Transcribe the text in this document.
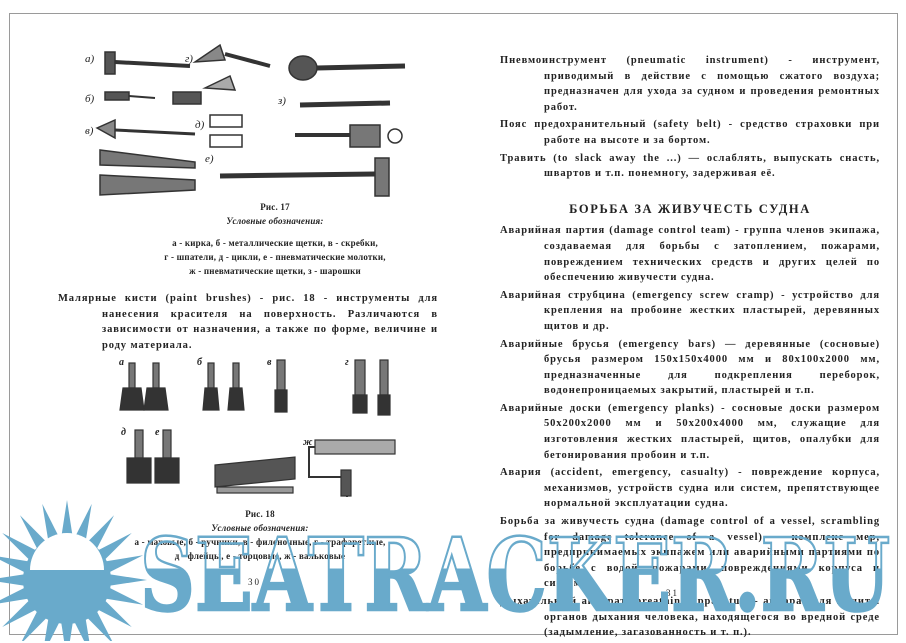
а)
б)
в)
г)
д)
е)
з)
Рис. 17
Условные обозначения:
а - кирка, б - металлические щетки, в - скребки,
г - шпатели, д - цикли, е - пневматические молотки,
ж - пневматические щетки, з - шарошки

Малярные кисти (paint brushes) - рис. 18 - инструменты для нанесения красителя на поверхность. Различаются в зависимости от назначения, а также по форме, величине и роду материала.

а	б	в	г
д	е
ж
Рис. 18
Условные обозначения:
а - маховые, б - ручники, в - филеночные, г - трафаретные,
д - флейцы, е - торцовые, ж - вальковые
30

Пневмоинструмент (pneumatic instrument) - инструмент, приводимый в действие с помощью сжатого воздуха; предназначен для ухода за судном и проведения ремонтных работ.

Пояс предохранительный (safety belt) - средство страховки при работе на высоте и за бортом.

Травить (to slack away the ...) — ослаблять, выпускать снасть, швартов и т.п. понемногу, задерживая её.

БОРЬБА ЗА ЖИВУЧЕСТЬ СУДНА

Аварийная партия (damage control team) - группа членов экипажа, создаваемая для борьбы с затоплением, пожарами, повреждением технических средств и других целей по обеспечению живучести судна.

Аварийная струбцина (emergency screw cramp) - устройство для крепления на пробоине жестких пластырей, деревянных щитов и др.

Аварийные брусья (emergency bars) — деревянные (сосновые) брусья размером 150x150x4000 мм и 80x100x2000 мм, предназначенные для подкрепления переборок, водонепроницаемых закрытий, пластырей и т.п.

Аварийные доски (emergency planks) - сосновые доски размером 50x200x2000 мм и 50x200x4000 мм, служащие для изготовления жестких пластырей, щитов, опалубки для бетонирования пробоин и т.п.

Авария (accident, emergency, casualty) - повреждение корпуса, механизмов, устройств судна или систем, препятствующее нормальной эксплуатации судна.

Борьба за живучесть судна (damage control of a vessel, scrambling for damage tolerance of a vessel) - комплекс мер, предпринимаемых экипажем или аварийными партиями по борьбе с водой, пожарами, повреждениями корпуса и систем.

Дыхательный аппарат (breathing apparatus) - аппарат для защиты органов дыхания человека, находящегося во вредной среде (задымление, загазованность и т. п.).

31
SEATRACKER.RU
